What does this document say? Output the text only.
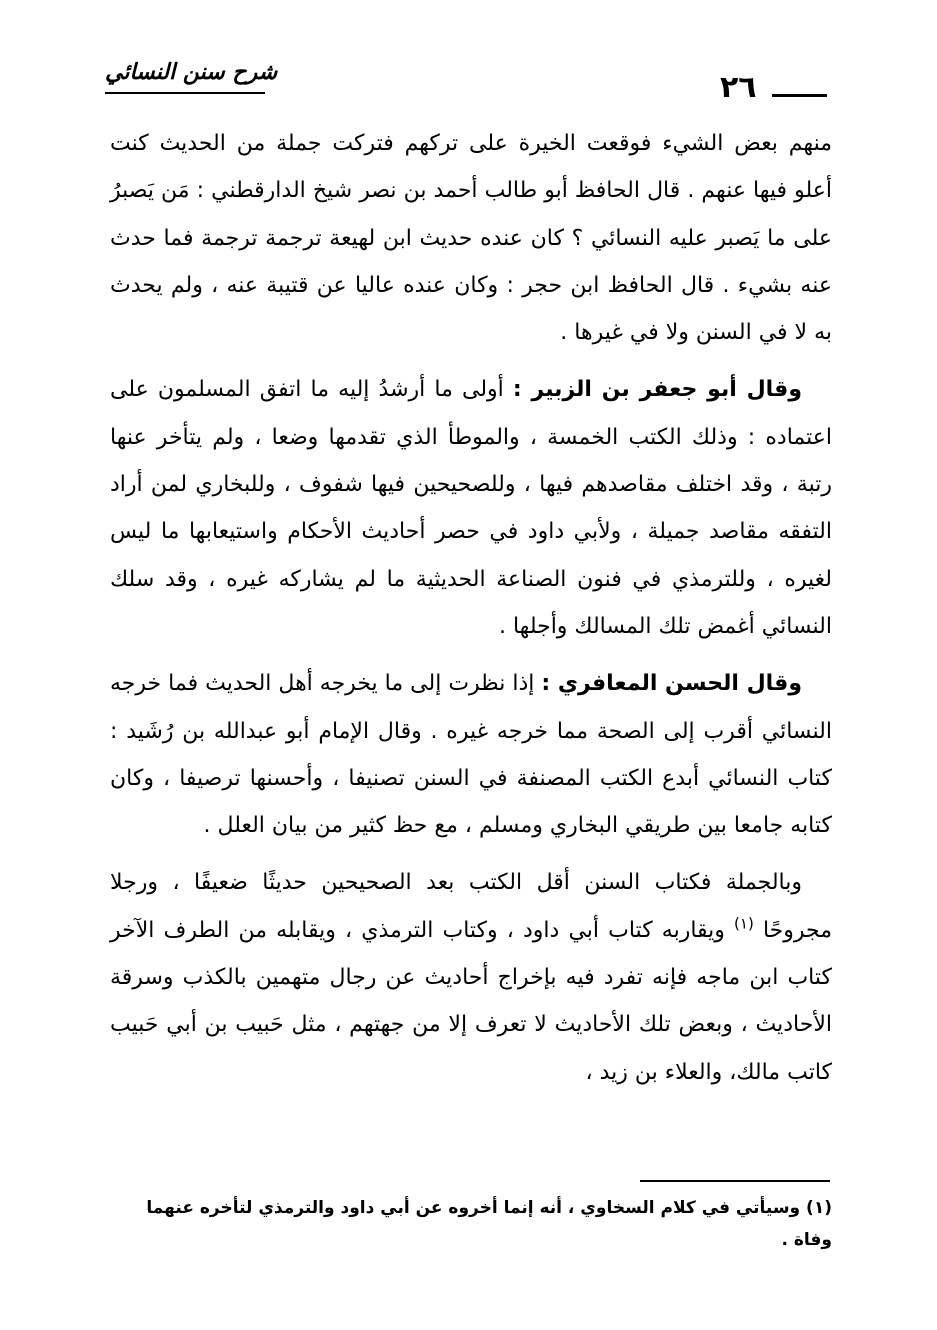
٢٦
شرح سنن النسائي

منهم بعض الشيء فوقعت الخيرة على تركهم فتركت جملة من الحديث كنت أعلو فيها عنهم . قال الحافظ أبو طالب أحمد بن نصر شيخ الدارقطني : مَن يَصبرُ على ما يَصبر عليه النسائي ؟ كان عنده حديث ابن لهيعة ترجمة ترجمة فما حدث عنه بشيء . قال الحافظ ابن حجر : وكان عنده عاليا عن قتيبة عنه ، ولم يحدث به لا في السنن ولا في غيرها .

وقال أبو جعفر بن الزبير : أولى ما أرشدُ إليه ما اتفق المسلمون على اعتماده : وذلك الكتب الخمسة ، والموطأ الذي تقدمها وضعا ، ولم يتأخر عنها رتبة ، وقد اختلف مقاصدهم فيها ، وللصحيحين فيها شفوف ، وللبخاري لمن أراد التفقه مقاصد جميلة ، ولأبي داود في حصر أحاديث الأحكام واستيعابها ما ليس لغيره ، وللترمذي في فنون الصناعة الحديثية ما لم يشاركه غيره ، وقد سلك النسائي أغمض تلك المسالك وأجلها .

وقال الحسن المعافري : إذا نظرت إلى ما يخرجه أهل الحديث فما خرجه النسائي أقرب إلى الصحة مما خرجه غيره . وقال الإمام أبو عبدالله بن رُشَيد : كتاب النسائي أبدع الكتب المصنفة في السنن تصنيفا ، وأحسنها ترصيفا ، وكان كتابه جامعا بين طريقي البخاري ومسلم ، مع حظ كثير من بيان العلل .

وبالجملة فكتاب السنن أقل الكتب بعد الصحيحين حديثًا ضعيفًا ، ورجلا مجروحًا $^{(١)}$ ويقاربه كتاب أبي داود ، وكتاب الترمذي ، ويقابله من الطرف الآخر كتاب ابن ماجه فإنه تفرد فيه بإخراج أحاديث عن رجال متهمين بالكذب وسرقة الأحاديث ، وبعض تلك الأحاديث لا تعرف إلا من جهتهم ، مثل حَبيب بن أبي حَبيب كاتب مالك، والعلاء بن زيد ،

(١) وسيأتي في كلام السخاوي ، أنه إنما أخروه عن أبي داود والترمذي لتأخره عنهما وفاة .
